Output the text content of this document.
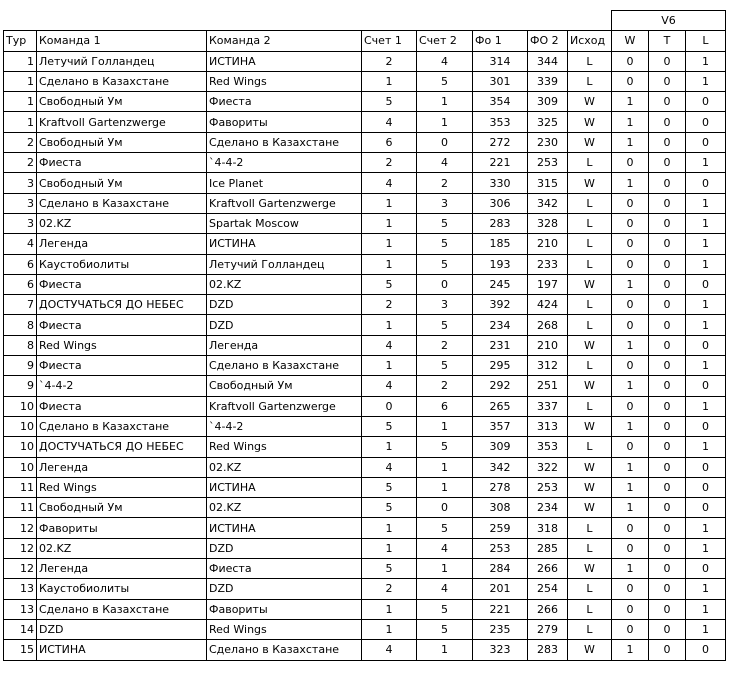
								V6		
Тур	Команда 1	Команда 2	Счет 1	Счет 2	Фо 1	ФО 2	Исход	W	T	L
1	Летучий Голландец	ИСТИНА	2	4	314	344	L	0	0	1
1	Сделано в Казахстане	Red Wings	1	5	301	339	L	0	0	1
1	Свободный Ум	Фиеста	5	1	354	309	W	1	0	0
1	Kraftvoll Gartenzwerge	Фавориты	4	1	353	325	W	1	0	0
2	Свободный Ум	Сделано в Казахстане	6	0	272	230	W	1	0	0
2	Фиеста	`4-4-2	2	4	221	253	L	0	0	1
3	Свободный Ум	Ice Planet	4	2	330	315	W	1	0	0
3	Сделано в Казахстане	Kraftvoll Gartenzwerge	1	3	306	342	L	0	0	1
3	02.KZ	Spartak Moscow	1	5	283	328	L	0	0	1
4	Легенда	ИСТИНА	1	5	185	210	L	0	0	1
6	Каустобиолиты	Летучий Голландец	1	5	193	233	L	0	0	1
6	Фиеста	02.KZ	5	0	245	197	W	1	0	0
7	ДОСТУЧАТЬСЯ ДО НЕБЕС	DZD	2	3	392	424	L	0	0	1
8	Фиеста	DZD	1	5	234	268	L	0	0	1
8	Red Wings	Легенда	4	2	231	210	W	1	0	0
9	Фиеста	Сделано в Казахстане	1	5	295	312	L	0	0	1
9	`4-4-2	Свободный Ум	4	2	292	251	W	1	0	0
10	Фиеста	Kraftvoll Gartenzwerge	0	6	265	337	L	0	0	1
10	Сделано в Казахстане	`4-4-2	5	1	357	313	W	1	0	0
10	ДОСТУЧАТЬСЯ ДО НЕБЕС	Red Wings	1	5	309	353	L	0	0	1
10	Легенда	02.KZ	4	1	342	322	W	1	0	0
11	Red Wings	ИСТИНА	5	1	278	253	W	1	0	0
11	Свободный Ум	02.KZ	5	0	308	234	W	1	0	0
12	Фавориты	ИСТИНА	1	5	259	318	L	0	0	1
12	02.KZ	DZD	1	4	253	285	L	0	0	1
12	Легенда	Фиеста	5	1	284	266	W	1	0	0
13	Каустобиолиты	DZD	2	4	201	254	L	0	0	1
13	Сделано в Казахстане	Фавориты	1	5	221	266	L	0	0	1
14	DZD	Red Wings	1	5	235	279	L	0	0	1
15	ИСТИНА	Сделано в Казахстане	4	1	323	283	W	1	0	0
